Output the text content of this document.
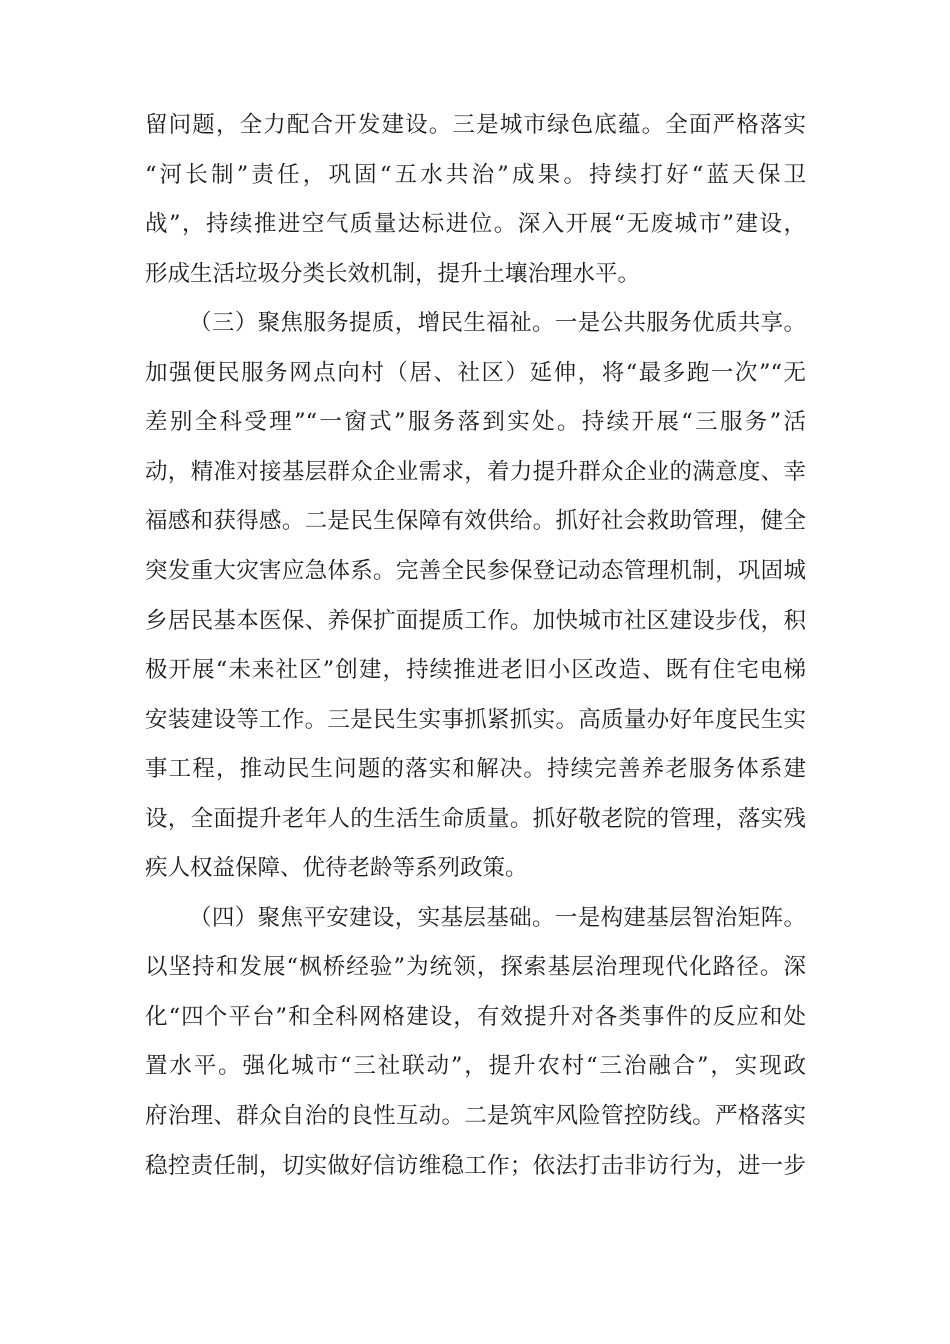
留问题，全力配合开发建设。三是城市绿色底蕴。全面严格落实
“河长制”责任，巩固“五水共治”成果。持续打好“蓝天保卫
战”，持续推进空气质量达标进位。深入开展“无废城市”建设，
形成生活垃圾分类长效机制，提升土壤治理水平。
（三）聚焦服务提质，增民生福祉。一是公共服务优质共享。
加强便民服务网点向村（居、社区）延伸，将“最多跑一次”“无
差别全科受理”“一窗式”服务落到实处。持续开展“三服务”活
动，精准对接基层群众企业需求，着力提升群众企业的满意度、幸
福感和获得感。二是民生保障有效供给。抓好社会救助管理，健全
突发重大灾害应急体系。完善全民参保登记动态管理机制，巩固城
乡居民基本医保、养保扩面提质工作。加快城市社区建设步伐，积
极开展“未来社区”创建，持续推进老旧小区改造、既有住宅电梯
安装建设等工作。三是民生实事抓紧抓实。高质量办好年度民生实
事工程，推动民生问题的落实和解决。持续完善养老服务体系建
设，全面提升老年人的生活生命质量。抓好敬老院的管理，落实残
疾人权益保障、优待老龄等系列政策。
（四）聚焦平安建设，实基层基础。一是构建基层智治矩阵。
以坚持和发展“枫桥经验”为统领，探索基层治理现代化路径。深
化“四个平台”和全科网格建设，有效提升对各类事件的反应和处
置水平。强化城市“三社联动”，提升农村“三治融合”，实现政
府治理、群众自治的良性互动。二是筑牢风险管控防线。严格落实
稳控责任制，切实做好信访维稳工作；依法打击非访行为，进一步
